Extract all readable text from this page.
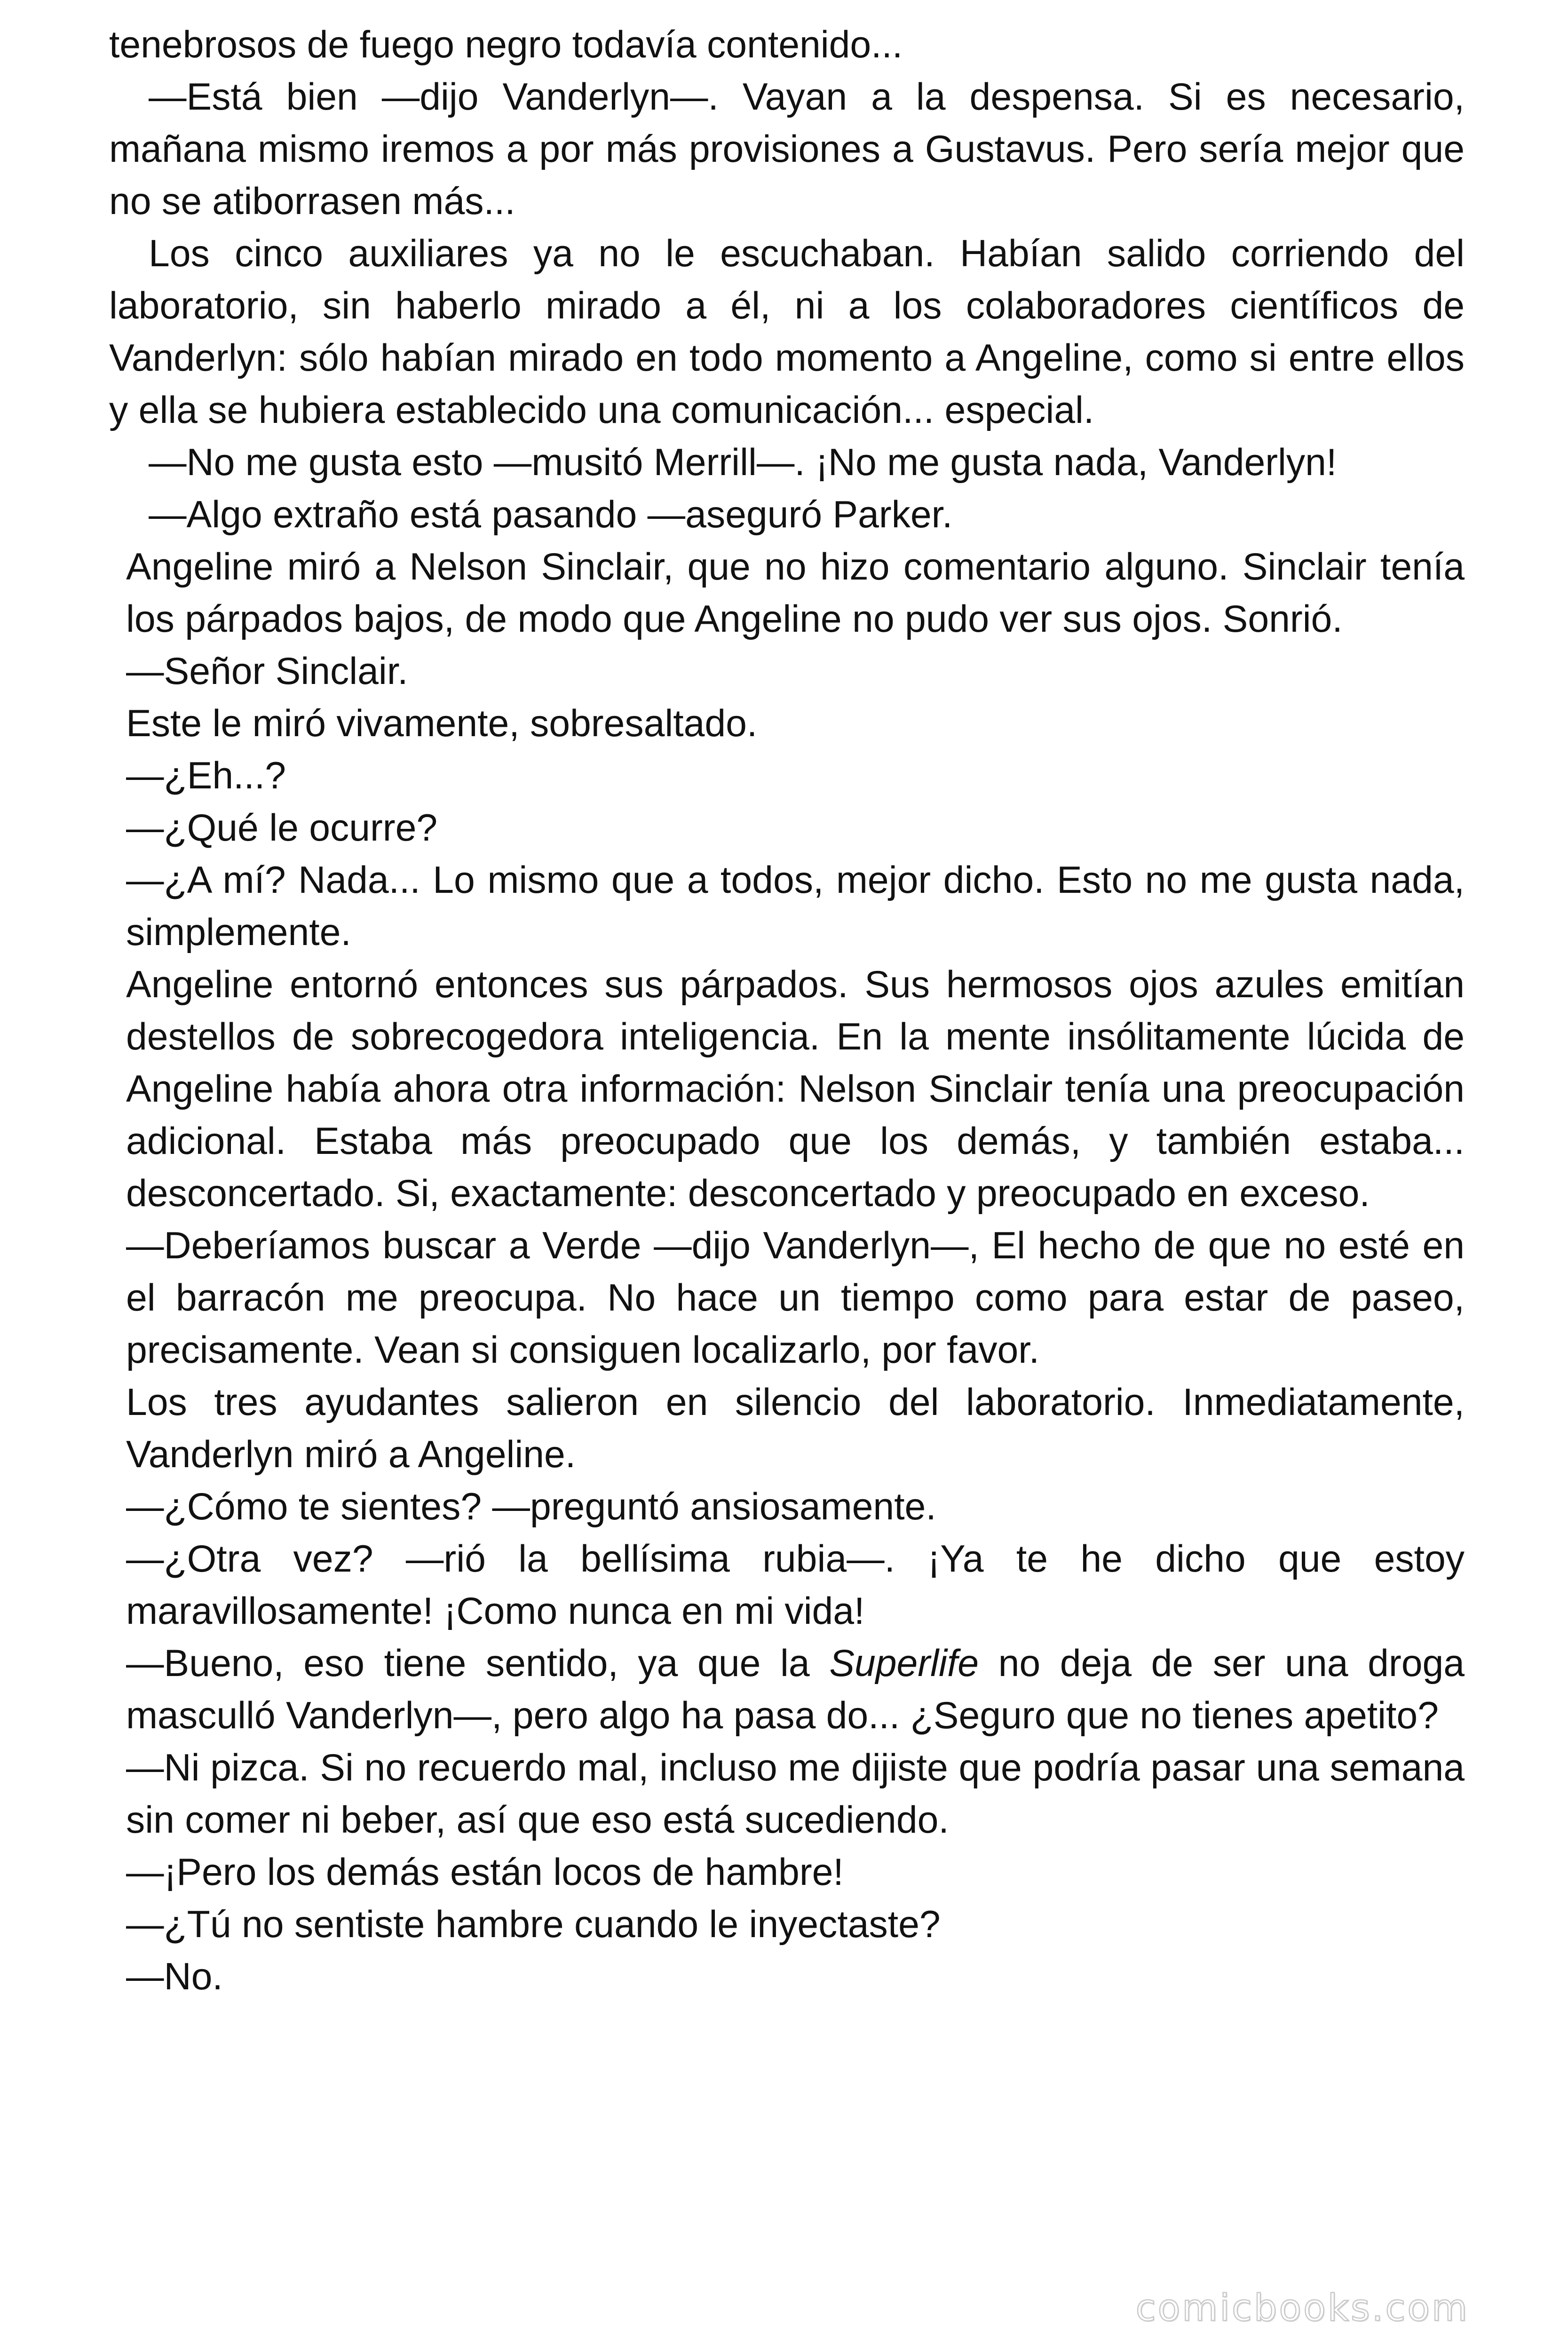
tenebrosos de fuego negro todavía contenido...

—Está bien —dijo Vanderlyn—. Vayan a la despensa. Si es necesario, mañana mismo iremos a por más provisiones a Gustavus. Pero sería mejor que no se atiborrasen más...

Los cinco auxiliares ya no le escuchaban. Habían salido corriendo del laboratorio, sin haberlo mirado a él, ni a los colaboradores científicos de Vanderlyn: sólo habían mirado en todo momento a Angeline, como si entre ellos y ella se hubiera establecido una comunicación... especial.

—No me gusta esto —musitó Merrill—. ¡No me gusta nada, Vanderlyn!

—Algo extraño está pasando —aseguró Parker.

Angeline miró a Nelson Sinclair, que no hizo comentario alguno. Sinclair tenía los párpados bajos, de modo que Angeline no pudo ver sus ojos. Sonrió.

—Señor Sinclair.

Este le miró vivamente, sobresaltado.

—¿Eh...?

—¿Qué le ocurre?

—¿A mí? Nada... Lo mismo que a todos, mejor dicho. Esto no me gusta nada, simplemente.

Angeline entornó entonces sus párpados. Sus hermosos ojos azules emitían destellos de sobrecogedora inteligencia. En la mente insólitamente lúcida de Angeline había ahora otra información: Nelson Sinclair tenía una preocupación adicional. Estaba más preocupado que los demás, y también estaba... desconcertado. Si, exactamente: desconcertado y preocupado en exceso.

—Deberíamos buscar a Verde —dijo Vanderlyn—, El hecho de que no esté en el barracón me preocupa. No hace un tiempo como para estar de paseo, precisamente. Vean si consiguen localizarlo, por favor.

Los tres ayudantes salieron en silencio del laboratorio. Inmediatamente, Vanderlyn miró a Angeline.

—¿Cómo te sientes? —preguntó ansiosamente.

—¿Otra vez? —rió la bellísima rubia—. ¡Ya te he dicho que estoy maravillosamente! ¡Como nunca en mi vida!

—Bueno, eso tiene sentido, ya que la Superlife no deja de ser una droga masculló Vanderlyn—, pero algo ha pasa do... ¿Seguro que no tienes apetito?

—Ni pizca. Si no recuerdo mal, incluso me dijiste que podría pasar una semana sin comer ni beber, así que eso está sucediendo.

—¡Pero los demás están locos de hambre!

—¿Tú no sentiste hambre cuando le inyectaste?

—No.

comicbooks.com
